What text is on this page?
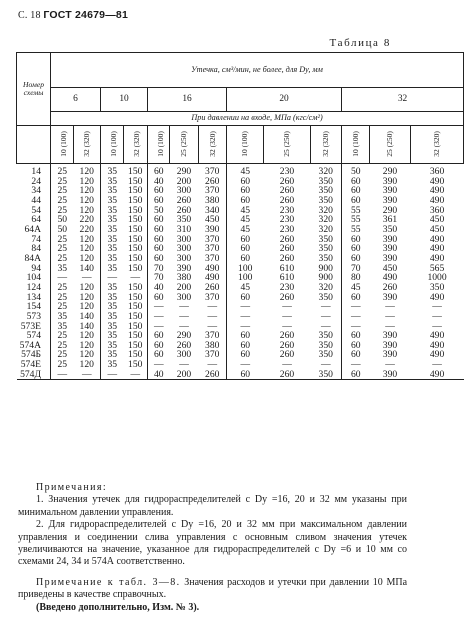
С. 18 ГОСТ 24679—81
Таблица 8
Номер схемы	Утечка, см³/мин, не более, для Dy, мм												
	6		10		16			20			32		
	При давлении на входе, МПа (кгс/см²)												
	10 (100)	32 (320)	10 (100)	32 (320)	10 (100)	25 (250)	32 (320)	10 (100)	25 (250)	32 (320)	10 (100)	25 (250)	32 (320)
14	25	120	35	150	60	290	370	45	230	320	50	290	360
24	25	120	35	150	40	200	260	60	260	350	60	390	490
34	25	120	35	150	60	300	370	60	260	350	60	390	490
44	25	120	35	150	60	260	380	60	260	350	60	390	490
54	25	120	35	150	50	260	340	45	230	320	55	290	360
64	50	220	35	150	60	350	450	45	230	320	55	361	450
64А	50	220	35	150	60	310	390	45	230	320	55	350	450
74	25	120	35	150	60	300	370	60	260	350	60	390	490
84	25	120	35	150	60	300	370	60	260	350	60	390	490
84А	25	120	35	150	60	300	370	60	260	350	60	390	490
94	35	140	35	150	70	390	490	100	610	900	70	450	565
104	—	—	—	—	70	380	490	100	610	900	80	490	1000
124	25	120	35	150	40	200	260	45	230	320	45	260	350
134	25	120	35	150	60	300	370	60	260	350	60	390	490
154	25	120	35	150	—	—	—	—	—	—	—	—	—
573	35	140	35	150	—	—	—	—	—	—	—	—	—
573Е	35	140	35	150	—	—	—	—	—	—	—	—	—
574	25	120	35	150	60	290	370	60	260	350	60	390	490
574А	25	120	35	150	60	260	380	60	260	350	60	390	490
574Б	25	120	35	150	60	300	370	60	260	350	60	390	490
574Е	25	120	35	150	—	—	—	—	—	—	—	—	—
574Д	—	—	—	—	40	200	260	60	260	350	60	390	490

Примечания:

1. Значения утечек для гидрораспределителей с Dy =16, 20 и 32 мм указаны при минимальном давлении управления.

2. Для гидрораспределителей с Dy =16, 20 и 32 мм при максимальном давлении управления и соединении слива управления с основным сливом значения утечек увеличиваются на значение, указанное для гидрораспределителей с Dy =6 и 10 мм со схемами 24, 34 и 574А соответственно.

Примечание к табл. 3—8. Значения расходов и утечки при давлении 10 МПа приведены в качестве справочных.

(Введено дополнительно, Изм. № 3).
